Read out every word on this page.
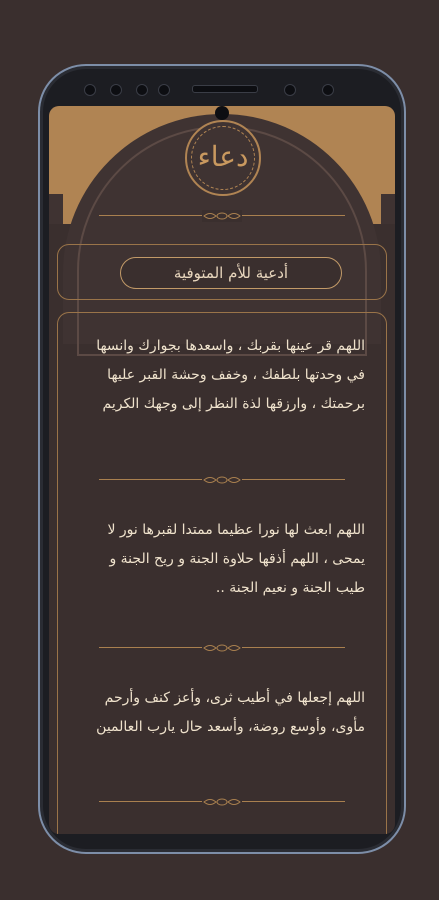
دعاء
أدعية للأم المتوفية
اللهم قر عينها بقربك ، واسعدها بجوارك وانسها في وحدتها بلطفك ، وخفف وحشة القبر عليها برحمتك ، وارزقها لذة النظر إلى وجهك الكريم
اللهم ابعث لها نورا عظيما ممتدا لقبرها نور لا يمحى ، اللهم أذقها حلاوة الجنة و ريح الجنة و طيب الجنة و نعيم الجنة ..
اللهم إجعلها في أطيب ثرى، وأعز كنف وأرحم مأوى، وأوسع روضة، وأسعد حال يارب العالمين
